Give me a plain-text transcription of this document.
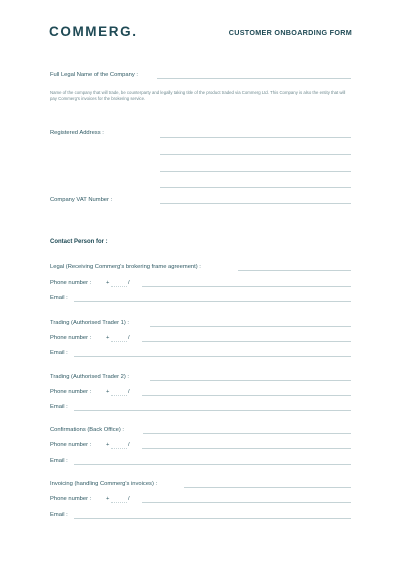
COMMERG.	CUSTOMER ONBOARDING FORM
Full Legal Name of the Company :
Name of the company that will trade, be counterparty and legally taking title of the product traded via Commerg Ltd. This Company is also the entity that will pay Commerg's invoices for the brokering service.
Registered Address :
Company VAT Number :
Contact Person for :
Legal (Receiving Commerg's brokering frame agreement) :
Phone number :	+	/
Email :
Trading (Authorised Trader 1) :
Phone number :	+	/
Email :
Trading (Authorised Trader 2) :
Phone number :	+	/
Email :
Confirmations (Back Office) :
Phone number :	+	/
Email :
Invoicing (handling Commerg's invoices) :
Phone number :	+	/
Email :
